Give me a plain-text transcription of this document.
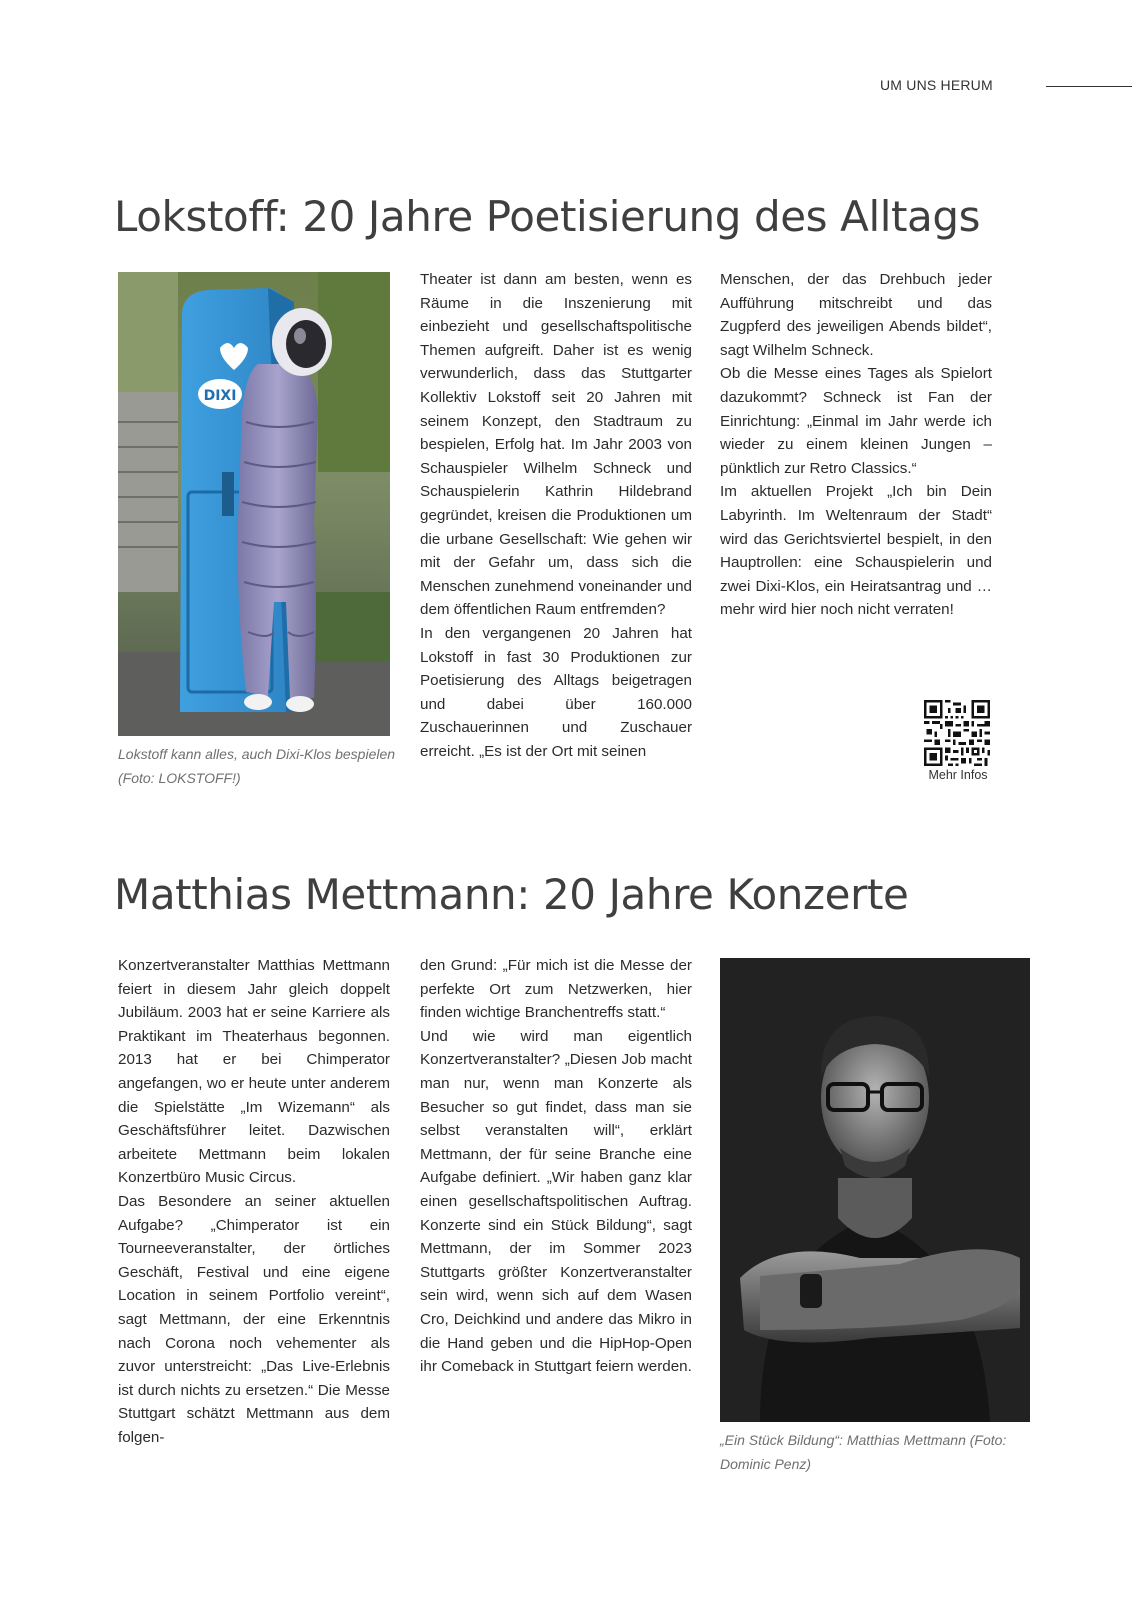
UM UNS HERUM
Lokstoff: 20 Jahre Poetisierung des Alltags
DIXI
Lokstoff kann alles, auch Dixi-Klos bespielen (Foto: LOKSTOFF!)

Theater ist dann am besten, wenn es Räume in die Inszenierung mit einbezieht und gesellschaftspolitische Themen aufgreift. Daher ist es wenig verwunderlich, dass das Stuttgarter Kollektiv Lokstoff seit 20 Jahren mit seinem Konzept, den Stadtraum zu bespielen, Erfolg hat. Im Jahr 2003 von Schauspieler Wilhelm Schneck und Schauspielerin Kathrin Hildebrand gegründet, kreisen die Produktionen um die urbane Gesellschaft: Wie gehen wir mit der Gefahr um, dass sich die Menschen zunehmend voneinander und dem öffentlichen Raum entfremden?

In den vergangenen 20 Jahren hat Lokstoff in fast 30 Produktionen zur Poetisierung des Alltags beigetragen und dabei über 160.000 Zuschauerinnen und Zuschauer erreicht. „Es ist der Ort mit seinen

Menschen, der das Drehbuch jeder Aufführung mitschreibt und das Zugpferd des jeweiligen Abends bildet“, sagt Wilhelm Schneck.

Ob die Messe eines Tages als Spielort dazukommt? Schneck ist Fan der Einrichtung: „Einmal im Jahr werde ich wieder zu einem kleinen Jungen – pünktlich zur Retro Classics.“

Im aktuellen Projekt „Ich bin Dein Labyrinth. Im Weltenraum der Stadt“ wird das Gerichtsviertel bespielt, in den Hauptrollen: eine Schauspielerin und zwei Dixi-Klos, ein Heiratsantrag und … mehr wird hier noch nicht verraten!

Mehr Infos
Matthias Mettmann: 20 Jahre Konzerte

Konzertveranstalter Matthias Mettmann feiert in diesem Jahr gleich doppelt Jubiläum. 2003 hat er seine Karriere als Praktikant im Theaterhaus begonnen. 2013 hat er bei Chimperator angefangen, wo er heute unter anderem die Spielstätte „Im Wizemann“ als Geschäftsführer leitet. Dazwischen arbeitete Mettmann beim lokalen Konzertbüro Music Circus.

Das Besondere an seiner aktuellen Aufgabe? „Chimperator ist ein Tourneeveranstalter, der örtliches Geschäft, Festival und eine eigene Location in seinem Portfolio vereint“, sagt Mettmann, der eine Erkenntnis nach Corona noch vehementer als zuvor unterstreicht: „Das Live-Erlebnis ist durch nichts zu ersetzen.“ Die Messe Stuttgart schätzt Mettmann aus dem folgen-

den Grund: „Für mich ist die Messe der perfekte Ort zum Netzwerken, hier finden wichtige Branchentreffs statt.“

Und wie wird man eigentlich Konzertveranstalter? „Diesen Job macht man nur, wenn man Konzerte als Besucher so gut findet, dass man sie selbst veranstalten will“, erklärt Mettmann, der für seine Branche eine Aufgabe definiert. „Wir haben ganz klar einen gesellschaftspolitischen Auftrag. Konzerte sind ein Stück Bildung“, sagt Mettmann, der im Sommer 2023 Stuttgarts größter Konzertveranstalter sein wird, wenn sich auf dem Wasen Cro, Deichkind und andere das Mikro in die Hand geben und die HipHop-Open ihr Comeback in Stuttgart feiern werden.

„Ein Stück Bildung“: Matthias Mettmann (Foto: Dominic Penz)
